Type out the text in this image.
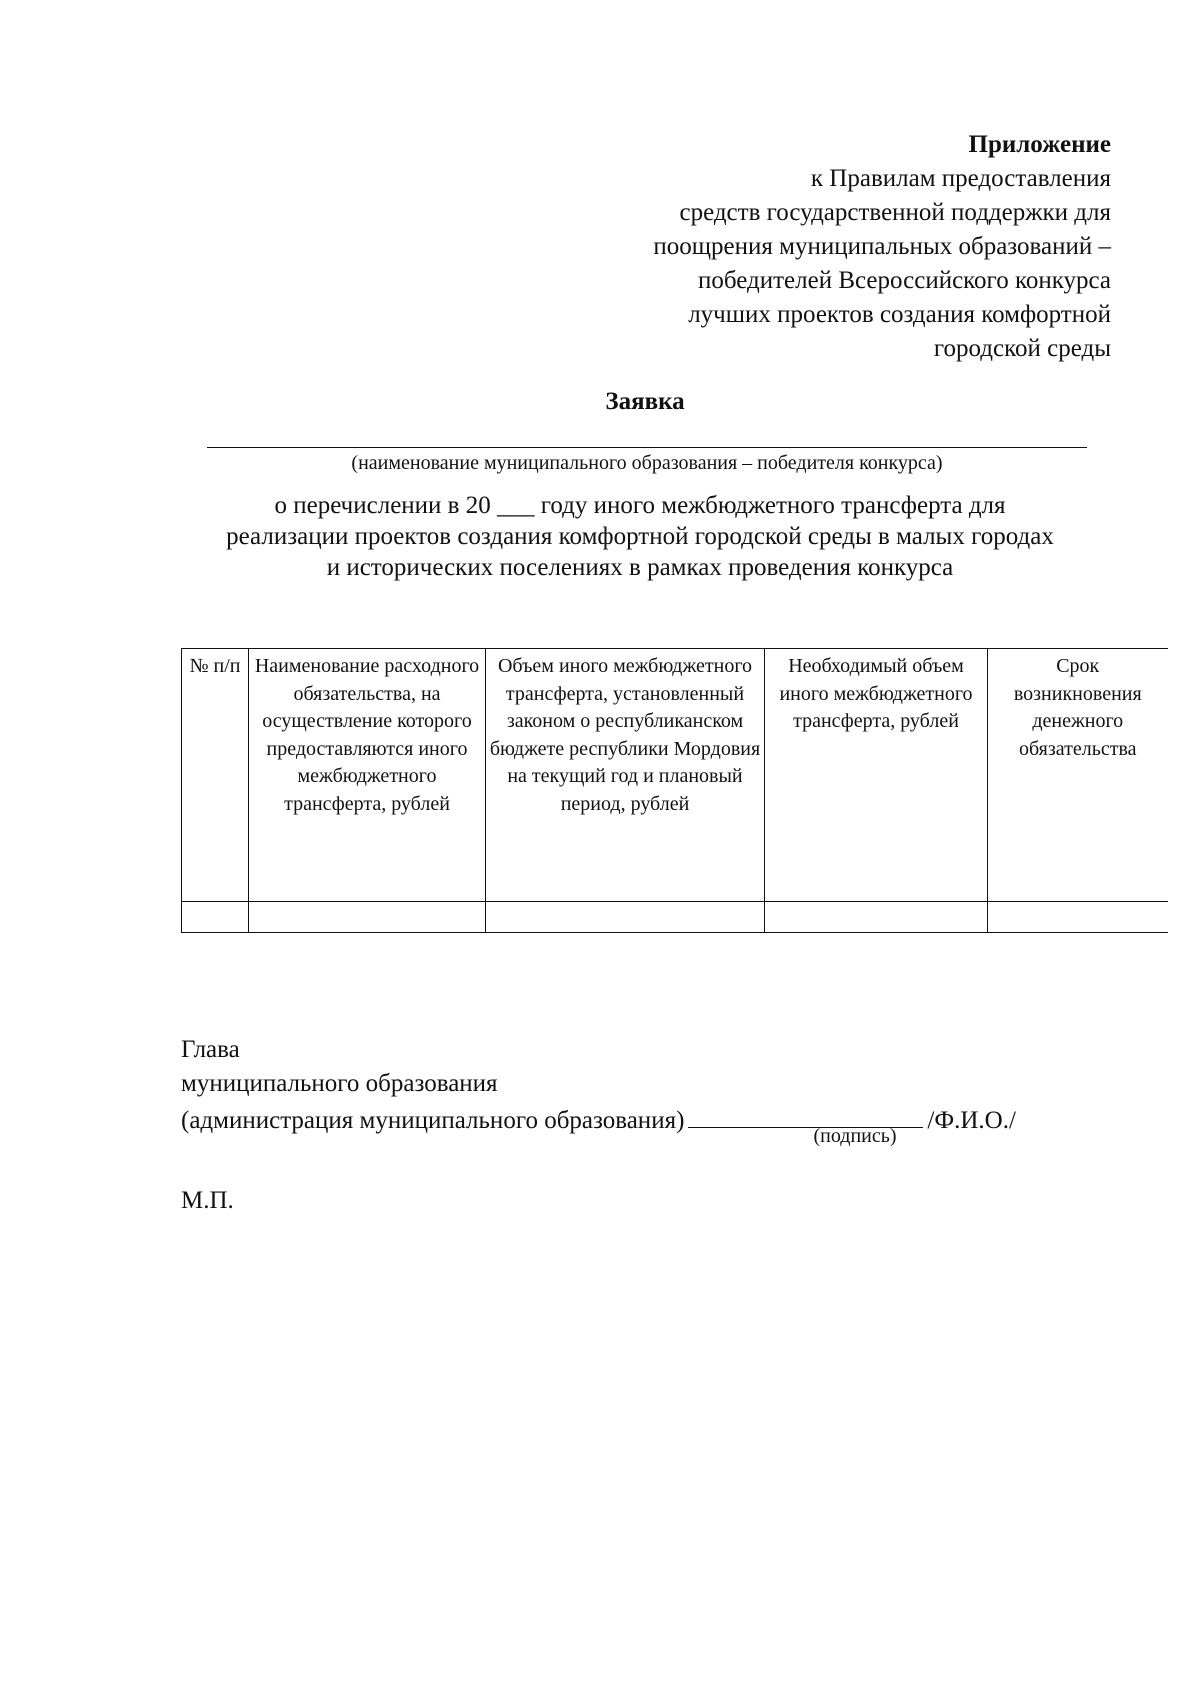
Приложение
к Правилам предоставления
средств государственной поддержки для
поощрения муниципальных образований –
победителей Всероссийского конкурса
лучших проектов создания комфортной
городской среды
Заявка
(наименование муниципального образования – победителя конкурса)
о перечислении в 20 ___ году иного межбюджетного трансферта для
реализации проектов создания комфортной городской среды в малых городах
и исторических поселениях в рамках проведения конкурса
№ п/п	Наименование расходного обязательства, на осуществление которого предоставляются иного межбюджетного трансферта, рублей	Объем иного межбюджетного трансферта, установленный законом о республиканском бюджете республики Мордовия на текущий год и плановый период, рублей	Необходимый объем иного межбюджетного трансферта, рублей	Срок возникновения денежного обязательства

Глава
муниципального образования
(администрация муниципального образования)	/Ф.И.О./
(подпись)
М.П.
